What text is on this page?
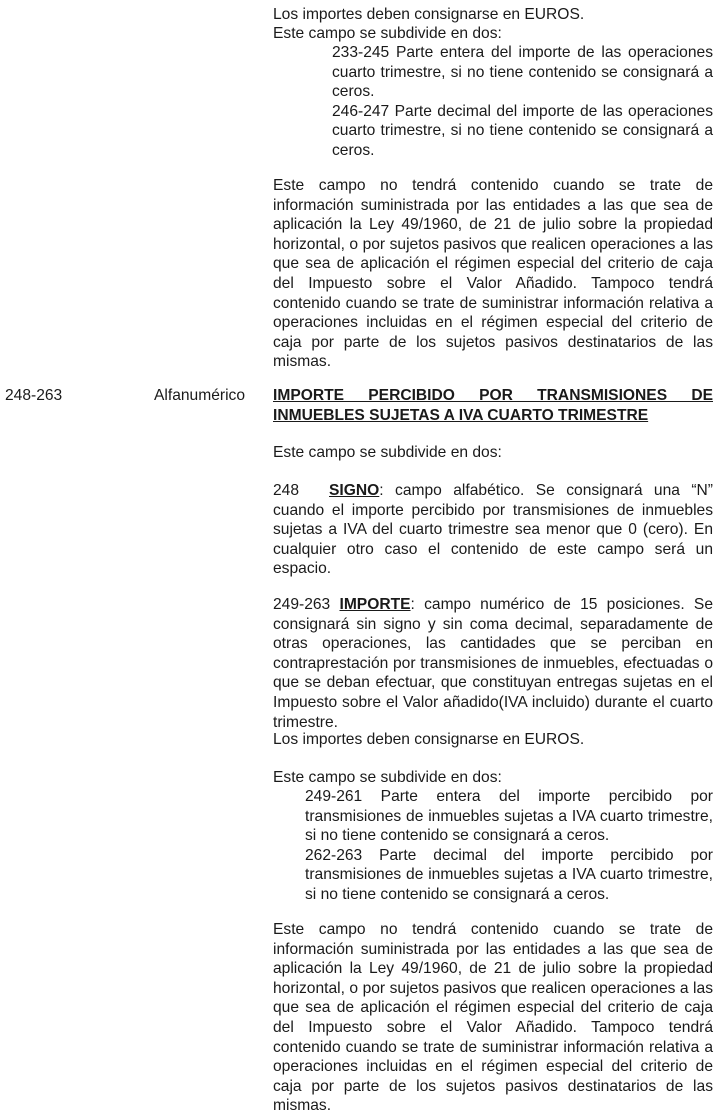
Los importes deben consignarse en EUROS.

Este campo se subdivide en dos:

233-245 Parte entera del importe de las operaciones cuarto trimestre, si no tiene contenido se consignará a ceros.

246-247 Parte decimal del importe de las operaciones cuarto trimestre, si no tiene contenido se consignará a ceros.

Este campo no tendrá contenido cuando se trate de información suministrada por las entidades a las que sea de aplicación la Ley 49/1960, de 21 de julio sobre la propiedad horizontal, o por sujetos pasivos que realicen operaciones a las que sea de aplicación el régimen especial del criterio de caja del Impuesto sobre el Valor Añadido. Tampoco tendrá contenido cuando se trate de suministrar información relativa a operaciones incluidas en el régimen especial del criterio de caja por parte de los sujetos pasivos destinatarios de las mismas.

248-263	Alfanumérico IMPORTE PERCIBIDO POR TRANSMISIONES DE

INMUEBLES SUJETAS A IVA CUARTO TRIMESTRE

Este campo se subdivide en dos:

248 SIGNO: campo alfabético. Se consignará una “N” cuando el importe percibido por transmisiones de inmuebles sujetas a IVA del cuarto trimestre sea menor que 0 (cero). En cualquier otro caso el contenido de este campo será un espacio.

249-263 IMPORTE: campo numérico de 15 posiciones. Se consignará sin signo y sin coma decimal, separadamente de otras operaciones, las cantidades que se perciban en contraprestación por transmisiones de inmuebles, efectuadas o que se deban efectuar, que constituyan entregas sujetas en el Impuesto sobre el Valor añadido(IVA incluido) durante el cuarto trimestre.

Los importes deben consignarse en EUROS.

Este campo se subdivide en dos:

249-261 Parte entera del importe percibido por transmisiones de inmuebles sujetas a IVA cuarto trimestre, si no tiene contenido se consignará a ceros.

262-263 Parte decimal del importe percibido por transmisiones de inmuebles sujetas a IVA cuarto trimestre, si no tiene contenido se consignará a ceros.

Este campo no tendrá contenido cuando se trate de información suministrada por las entidades a las que sea de aplicación la Ley 49/1960, de 21 de julio sobre la propiedad horizontal, o por sujetos pasivos que realicen operaciones a las que sea de aplicación el régimen especial del criterio de caja del Impuesto sobre el Valor Añadido. Tampoco tendrá contenido cuando se trate de suministrar información relativa a operaciones incluidas en el régimen especial del criterio de caja por parte de los sujetos pasivos destinatarios de las mismas.
